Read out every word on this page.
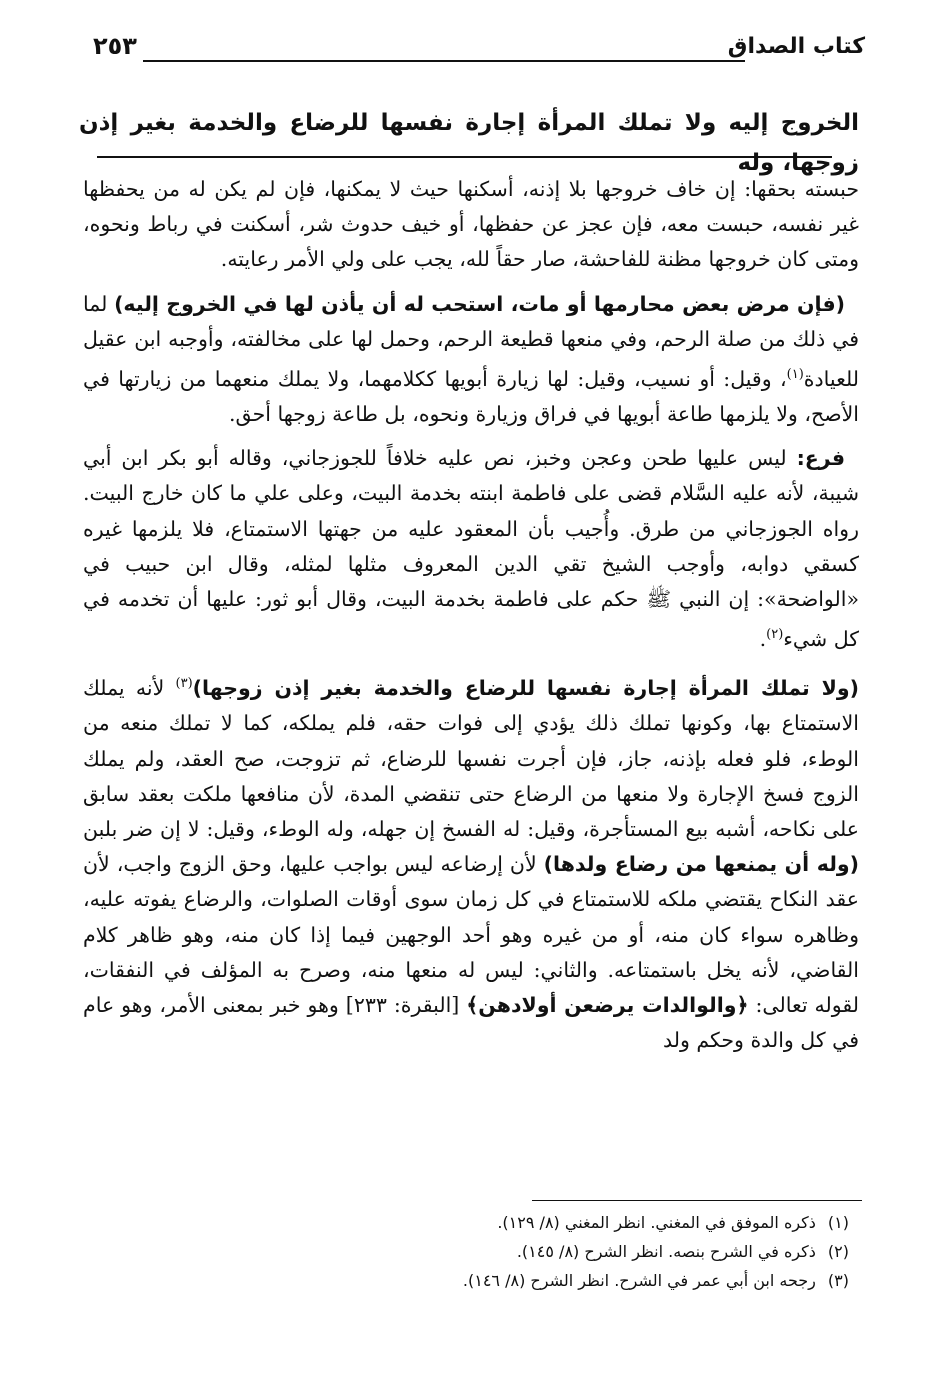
كتاب الصداق
٢٥٣

الخروج إليه ولا تملك المرأة إجارة نفسها للرضاع والخدمة بغير إذن زوجها، وله

حبسته بحقها: إن خاف خروجها بلا إذنه، أسكنها حيث لا يمكنها، فإن لم يكن له من يحفظها غير نفسه، حبست معه، فإن عجز عن حفظها، أو خيف حدوث شر، أسكنت في رباط ونحوه، ومتى كان خروجها مظنة للفاحشة، صار حقاً لله، يجب على ولي الأمر رعايته.

(فإن مرض بعض محارمها أو مات، استحب له أن يأذن لها في الخروج إليه) لما في ذلك من صلة الرحم، وفي منعها قطيعة الرحم، وحمل لها على مخالفته، وأوجبه ابن عقيل للعيادة$^{(١)}$، وقيل: أو نسيب، وقيل: لها زيارة أبويها ككلامهما، ولا يملك منعهما من زيارتها في الأصح، ولا يلزمها طاعة أبويها في فراق وزيارة ونحوه، بل طاعة زوجها أحق.

فرع: ليس عليها طحن وعجن وخبز، نص عليه خلافاً للجوزجاني، وقاله أبو بكر ابن أبي شيبة، لأنه عليه السَّلام قضى على فاطمة ابنته بخدمة البيت، وعلى علي ما كان خارج البيت. رواه الجوزجاني من طرق. وأُجيب بأن المعقود عليه من جهتها الاستمتاع، فلا يلزمها غيره كسقي دوابه، وأوجب الشيخ تقي الدين المعروف مثلها لمثله، وقال ابن حبيب في «الواضحة»: إن النبي ﷺ حكم على فاطمة بخدمة البيت، وقال أبو ثور: عليها أن تخدمه في كل شيء$^{(٢)}$.

(ولا تملك المرأة إجارة نفسها للرضاع والخدمة بغير إذن زوجها)$^{(٣)}$ لأنه يملك الاستمتاع بها، وكونها تملك ذلك يؤدي إلى فوات حقه، فلم يملكه، كما لا تملك منعه من الوطء، فلو فعله بإذنه، جاز، فإن أجرت نفسها للرضاع، ثم تزوجت، صح العقد، ولم يملك الزوج فسخ الإجارة ولا منعها من الرضاع حتى تنقضي المدة، لأن منافعها ملكت بعقد سابق على نكاحه، أشبه بيع المستأجرة، وقيل: له الفسخ إن جهله، وله الوطء، وقيل: لا إن ضر بلبن (وله أن يمنعها من رضاع ولدها) لأن إرضاعه ليس بواجب عليها، وحق الزوج واجب، لأن عقد النكاح يقتضي ملكه للاستمتاع في كل زمان سوى أوقات الصلوات، والرضاع يفوته عليه، وظاهره سواء كان منه، أو من غيره وهو أحد الوجهين فيما إذا كان منه، وهو ظاهر كلام القاضي، لأنه يخل باستمتاعه. والثاني: ليس له منعها منه، وصرح به المؤلف في النفقات، لقوله تعالى: ﴿والوالدات يرضعن أولادهن﴾ [البقرة: ٢٣٣] وهو خبر بمعنى الأمر، وهو عام في كل والدة وحكم ولد

(١)ذكره الموفق في المغني. انظر المغني (٨/ ١٢٩).
(٢)ذكره في الشرح بنصه. انظر الشرح (٨/ ١٤٥).
(٣)رجحه ابن أبي عمر في الشرح. انظر الشرح (٨/ ١٤٦).
